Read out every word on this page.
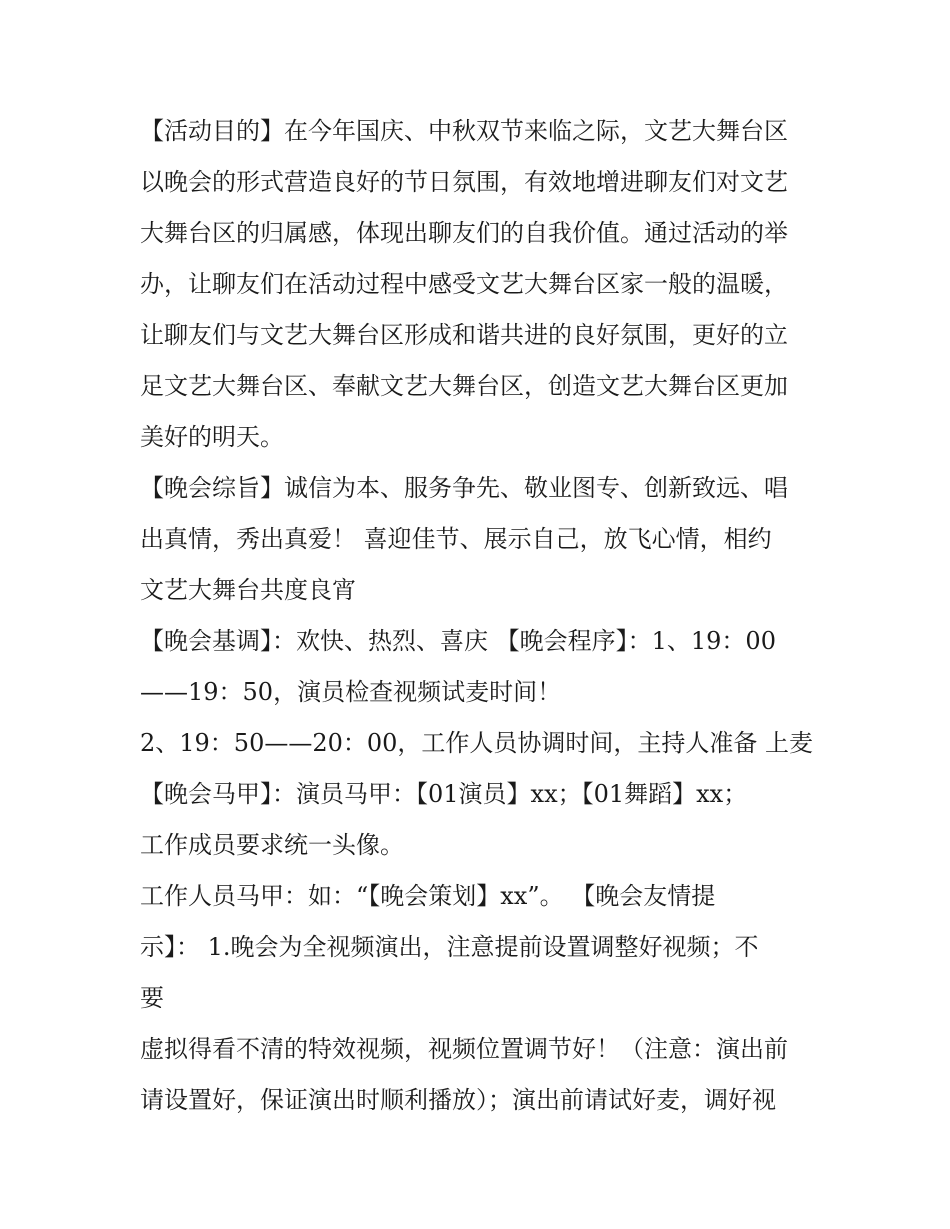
【活动目的】在今年国庆、中秋双节来临之际，文艺大舞台区
以晚会的形式营造良好的节日氛围，有效地增进聊友们对文艺
大舞台区的归属感，体现出聊友们的自我价值。通过活动的举
办，让聊友们在活动过程中感受文艺大舞台区家一般的温暖，
让聊友们与文艺大舞台区形成和谐共进的良好氛围，更好的立
足文艺大舞台区、奉献文艺大舞台区，创造文艺大舞台区更加
美好的明天。
【晚会综旨】诚信为本、服务争先、敬业图专、创新致远、唱
出真情，秀出真爱！ 喜迎佳节、展示自己，放飞心情，相约
文艺大舞台共度良宵
【晚会基调】：欢快、热烈、喜庆 【晚会程序】：1、19：00
——19：50，演员检查视频试麦时间！
2、19：50——20：00，工作人员协调时间，主持人准备 上麦
【晚会马甲】：演员马甲：【01演员】xx；【01舞蹈】xx；
工作成员要求统一头像。
工作人员马甲：如：“【晚会策划】xx”。 【晚会友情提
示】： 1.晚会为全视频演出，注意提前设置调整好视频；不
要
虚拟得看不清的特效视频，视频位置调节好！（注意：演出前
请设置好，保证演出时顺利播放）；演出前请试好麦，调好视
